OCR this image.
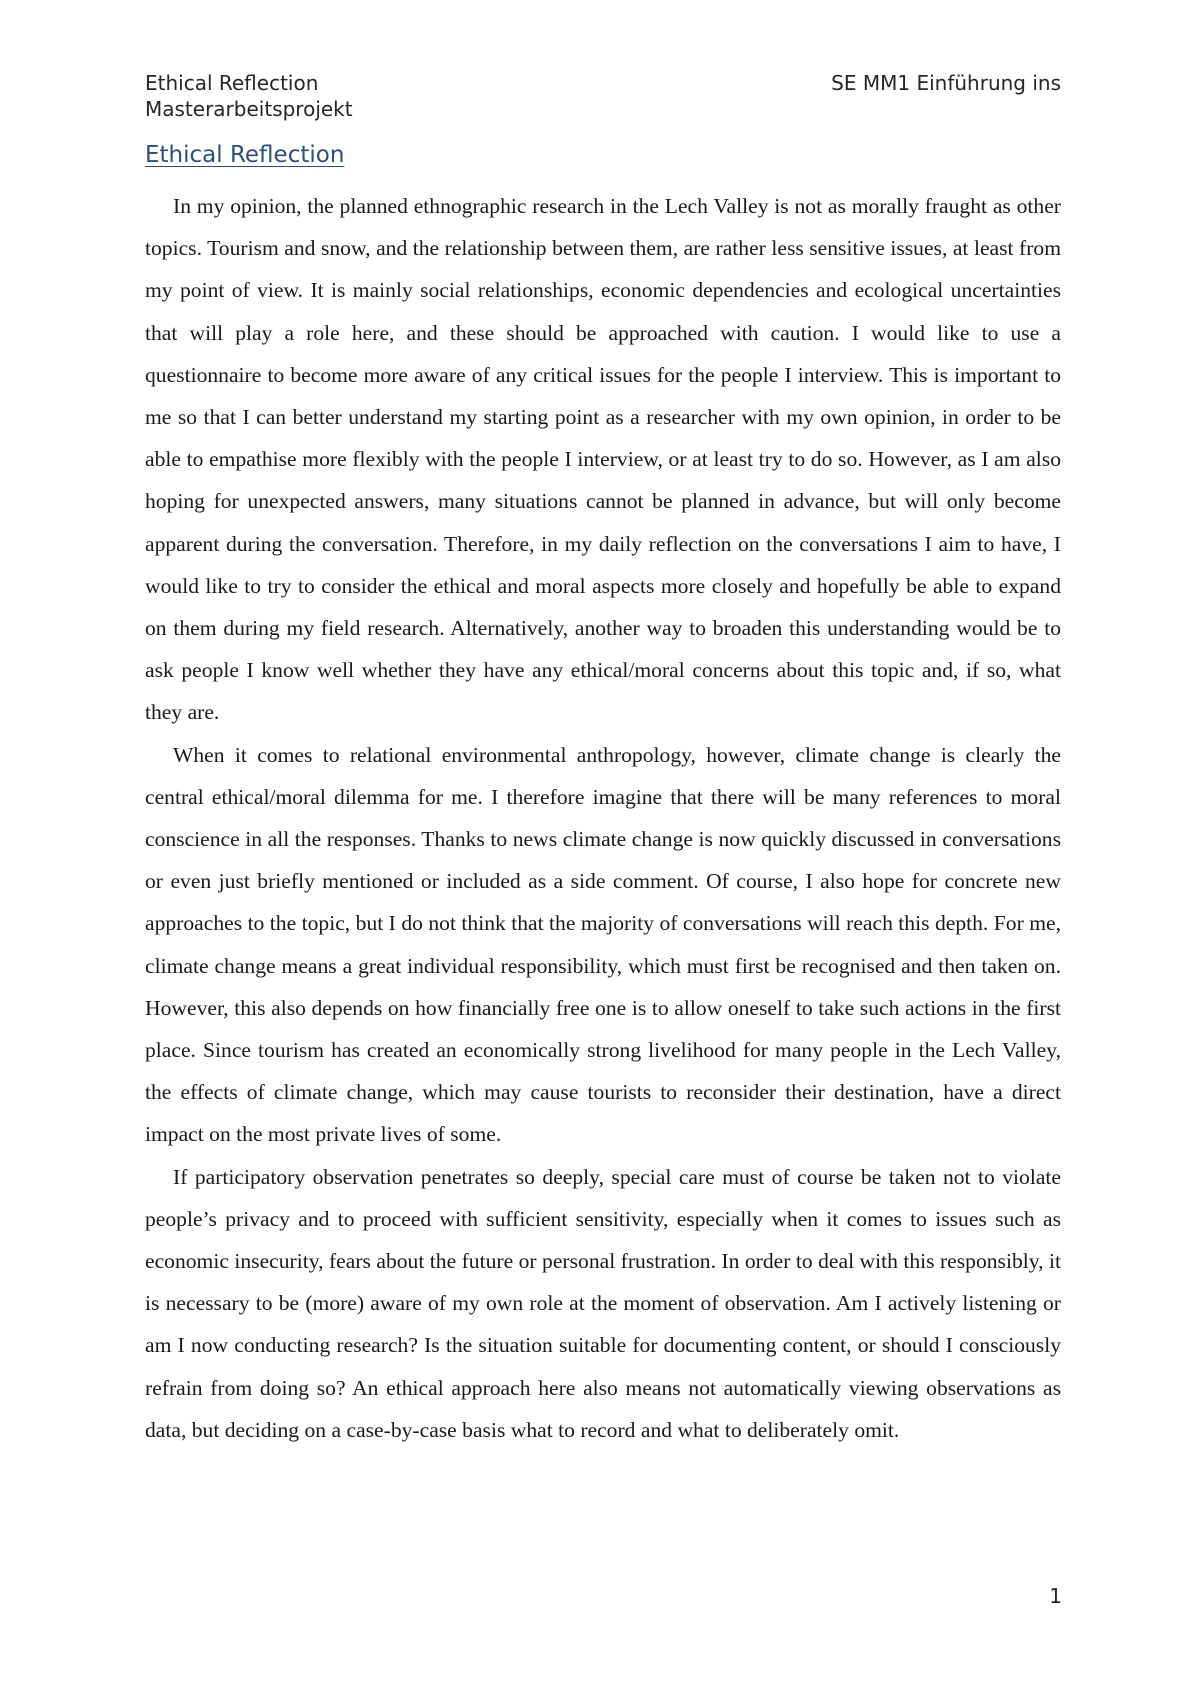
Ethical Reflection	SE MM1 Einführung ins
Masterarbeitsprojekt
Ethical Reflection

In my opinion, the planned ethnographic research in the Lech Valley is not as morally fraught as other topics. Tourism and snow, and the relationship between them, are rather less sensitive issues, at least from my point of view. It is mainly social relationships, economic dependencies and ecological uncertainties that will play a role here, and these should be approached with caution. I would like to use a questionnaire to become more aware of any critical issues for the people I interview. This is important to me so that I can better understand my starting point as a researcher with my own opinion, in order to be able to empathise more flexibly with the people I interview, or at least try to do so. However, as I am also hoping for unexpected answers, many situations cannot be planned in advance, but will only become apparent during the conversation. Therefore, in my daily reflection on the conversations I aim to have, I would like to try to consider the ethical and moral aspects more closely and hopefully be able to expand on them during my field research. Alternatively, another way to broaden this understanding would be to ask people I know well whether they have any ethical/moral concerns about this topic and, if so, what they are.

When it comes to relational environmental anthropology, however, climate change is clearly the central ethical/moral dilemma for me. I therefore imagine that there will be many references to moral conscience in all the responses. Thanks to news climate change is now quickly discussed in conversations or even just briefly mentioned or included as a side comment. Of course, I also hope for concrete new approaches to the topic, but I do not think that the majority of conversations will reach this depth. For me, climate change means a great individual responsibility, which must first be recognised and then taken on. However, this also depends on how financially free one is to allow oneself to take such actions in the first place. Since tourism has created an economically strong livelihood for many people in the Lech Valley, the effects of climate change, which may cause tourists to reconsider their destination, have a direct impact on the most private lives of some.

If participatory observation penetrates so deeply, special care must of course be taken not to violate people’s privacy and to proceed with sufficient sensitivity, especially when it comes to issues such as economic insecurity, fears about the future or personal frustration. In order to deal with this responsibly, it is necessary to be (more) aware of my own role at the moment of observation. Am I actively listening or am I now conducting research? Is the situation suitable for documenting content, or should I consciously refrain from doing so? An ethical approach here also means not automatically viewing observations as data, but deciding on a case-by-case basis what to record and what to deliberately omit.

1
